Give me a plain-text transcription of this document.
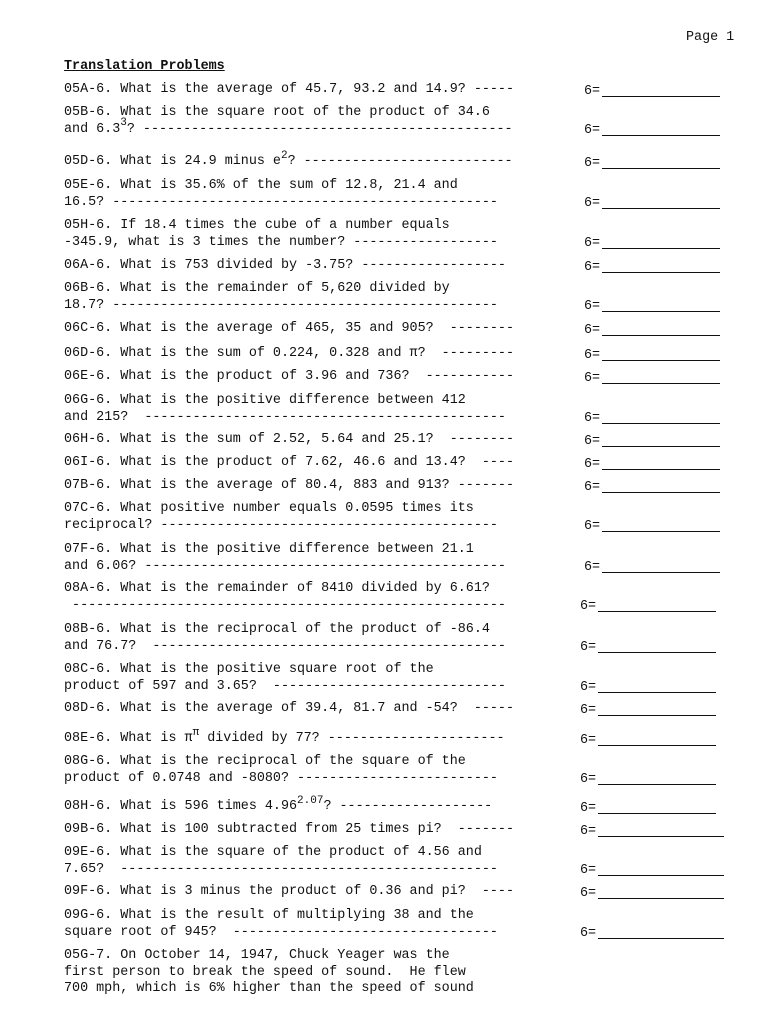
Page 1
Translation Problems
05A-6. What is the average of 45.7, 93.2 and 14.9? -----	6=
05B-6. What is the square root of the product of 34.6
and $6.3^3$? ----------------------------------------------	6=
05D-6. What is 24.9 minus $e^2$? --------------------------	6=
05E-6. What is 35.6% of the sum of 12.8, 21.4 and
16.5? ------------------------------------------------	6=
05H-6. If 18.4 times the cube of a number equals
-345.9, what is 3 times the number? ------------------	6=
06A-6. What is 753 divided by -3.75? ------------------	6=
06B-6. What is the remainder of 5,620 divided by
18.7? ------------------------------------------------	6=
06C-6. What is the average of 465, 35 and 905?  --------	6=
06D-6. What is the sum of 0.224, 0.328 and π?  ---------	6=
06E-6. What is the product of 3.96 and 736?  -----------	6=
06G-6. What is the positive difference between 412
and 215?  ---------------------------------------------	6=
06H-6. What is the sum of 2.52, 5.64 and 25.1?  --------	6=
06I-6. What is the product of 7.62, 46.6 and 13.4?  ----	6=
07B-6. What is the average of 80.4, 883 and 913? -------	6=
07C-6. What positive number equals 0.0595 times its
reciprocal? ------------------------------------------	6=
07F-6. What is the positive difference between 21.1
and 6.06? ---------------------------------------------	6=
08A-6. What is the remainder of 8410 divided by 6.61?
------------------------------------------------------	6=
08B-6. What is the reciprocal of the product of -86.4
and 76.7?  --------------------------------------------	6=
08C-6. What is the positive square root of the
product of 597 and 3.65?  -----------------------------	6=
08D-6. What is the average of 39.4, 81.7 and -54?  -----	6=
08E-6. What is $\pi^\pi$ divided by 77? ----------------------	6=
08G-6. What is the reciprocal of the square of the
product of 0.0748 and -8080? -------------------------	6=
08H-6. What is 596 times $4.96^{2.07}$? -------------------	6=
09B-6. What is 100 subtracted from 25 times pi?  -------	6=
09E-6. What is the square of the product of 4.56 and
7.65?  -----------------------------------------------	6=
09F-6. What is 3 minus the product of 0.36 and pi?  ----	6=
09G-6. What is the result of multiplying 38 and the
square root of 945?  ---------------------------------	6=
05G-7. On October 14, 1947, Chuck Yeager was the
first person to break the speed of sound.  He flew
700 mph, which is 6% higher than the speed of sound
